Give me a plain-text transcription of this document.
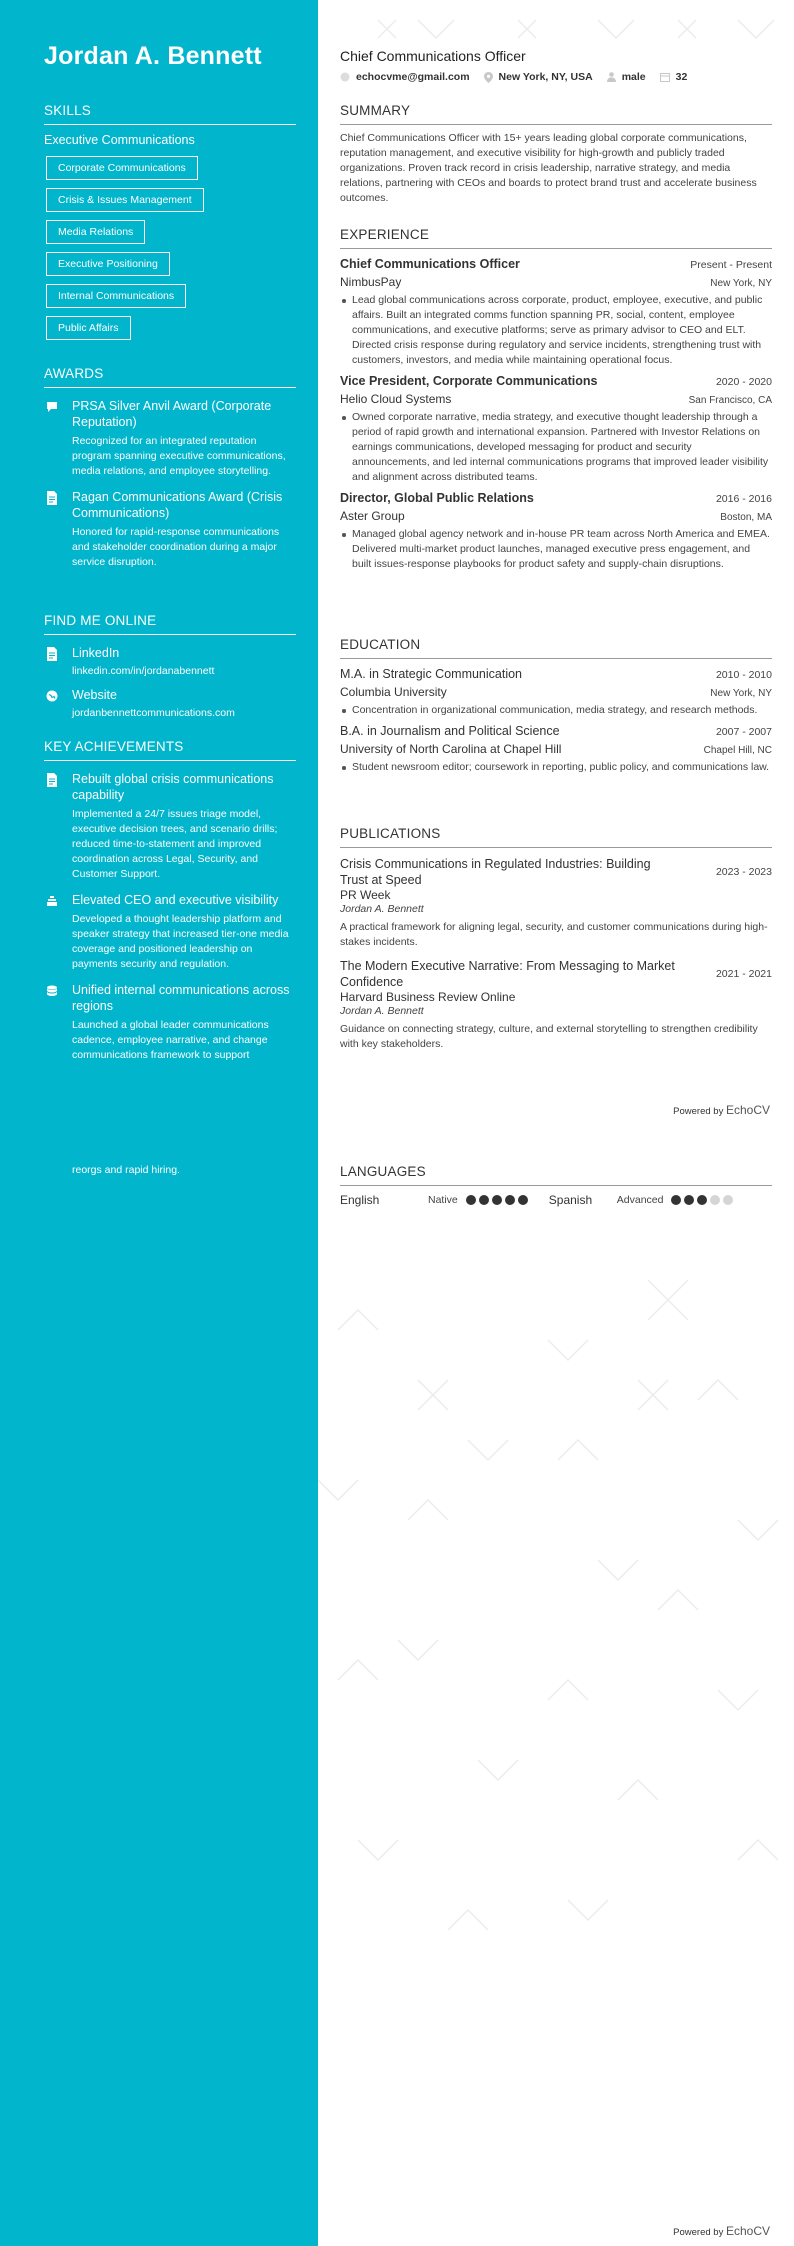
Jordan A. Bennett
SKILLS
Executive Communications
Corporate Communications
Crisis & Issues Management
Media Relations
Executive Positioning
Internal Communications
Public Affairs
AWARDS
PRSA Silver Anvil Award (Corporate Reputation)
Recognized for an integrated reputation program spanning executive communications, media relations, and employee storytelling.
Ragan Communications Award (Crisis Communications)
Honored for rapid-response communications and stakeholder coordination during a major service disruption.
FIND ME ONLINE
LinkedIn
linkedin.com/in/jordanabennett
Website
jordanbennettcommunications.com
KEY ACHIEVEMENTS
Rebuilt global crisis communications capability
Implemented a 24/7 issues triage model, executive decision trees, and scenario drills; reduced time-to-statement and improved coordination across Legal, Security, and Customer Support.
Elevated CEO and executive visibility
Developed a thought leadership platform and speaker strategy that increased tier-one media coverage and positioned leadership on payments security and regulation.
Unified internal communications across regions
Launched a global leader communications cadence, employee narrative, and change communications framework to support
reorgs and rapid hiring.
Chief Communications Officer
echocvme@gmail.com	New York, NY, USA	male	32
SUMMARY
Chief Communications Officer with 15+ years leading global corporate communications, reputation management, and executive visibility for high-growth and publicly traded organizations. Proven track record in crisis leadership, narrative strategy, and media relations, partnering with CEOs and boards to protect brand trust and accelerate business outcomes.
EXPERIENCE
Chief Communications Officer	Present - Present
NimbusPay	New York, NY
Lead global communications across corporate, product, employee, executive, and public affairs. Built an integrated comms function spanning PR, social, content, employee communications, and executive platforms; serve as primary advisor to CEO and ELT. Directed crisis response during regulatory and service incidents, strengthening trust with customers, investors, and media while maintaining operational focus.
Vice President, Corporate Communications	2020 - 2020
Helio Cloud Systems	San Francisco, CA
Owned corporate narrative, media strategy, and executive thought leadership through a period of rapid growth and international expansion. Partnered with Investor Relations on earnings communications, developed messaging for product and security announcements, and led internal communications programs that improved leader visibility and alignment across distributed teams.
Director, Global Public Relations	2016 - 2016
Aster Group	Boston, MA
Managed global agency network and in-house PR team across North America and EMEA. Delivered multi-market product launches, managed executive press engagement, and built issues-response playbooks for product safety and supply-chain disruptions.
EDUCATION
M.A. in Strategic Communication	2010 - 2010
Columbia University	New York, NY
Concentration in organizational communication, media strategy, and research methods.
B.A. in Journalism and Political Science	2007 - 2007
University of North Carolina at Chapel Hill	Chapel Hill, NC
Student newsroom editor; coursework in reporting, public policy, and communications law.
PUBLICATIONS
Crisis Communications in Regulated Industries: Building Trust at Speed
2023 - 2023
PR Week
Jordan A. Bennett
A practical framework for aligning legal, security, and customer communications during high-stakes incidents.
The Modern Executive Narrative: From Messaging to Market Confidence
2021 - 2021
Harvard Business Review Online
Jordan A. Bennett
Guidance on connecting strategy, culture, and external storytelling to strengthen credibility with key stakeholders.
Powered by EchoCV
LANGUAGES
English	Native	Spanish	Advanced
Powered by EchoCV
